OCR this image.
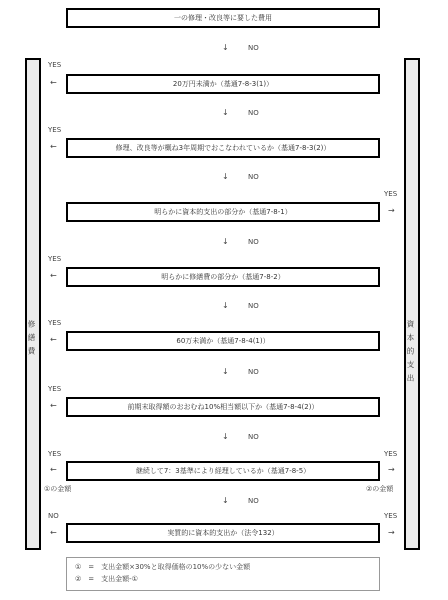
修繕費	資本的支出
一の修理・改良等に要した費用
20万円未満か（基通7-8-3(1)）
修理、改良等が概ね3年周期でおこなわれているか（基通7-8-3(2)）
明らかに資本的支出の部分か（基通7-8-1）
明らかに修繕費の部分か（基通7-8-2）
60万未満か（基通7-8-4(1)）
前期末取得額のおおむね10%相当額以下か（基通7-8-4(2)）
継続して7：3基準により経理しているか（基通7-8-5）
実質的に資本的支出か（法令132）
↓	NO
↓	NO
↓	NO
↓	NO
↓	NO
↓	NO
↓	NO
↓	NO
YES
←
YES
←
YES
←
YES
←
YES
←
YES
←
①の金額
NO
←
YES
→
YES
→
②の金額
YES
→
①　=　支出金額×30%と取得価格の10%の少ない金額
②　=　支出金額-①
